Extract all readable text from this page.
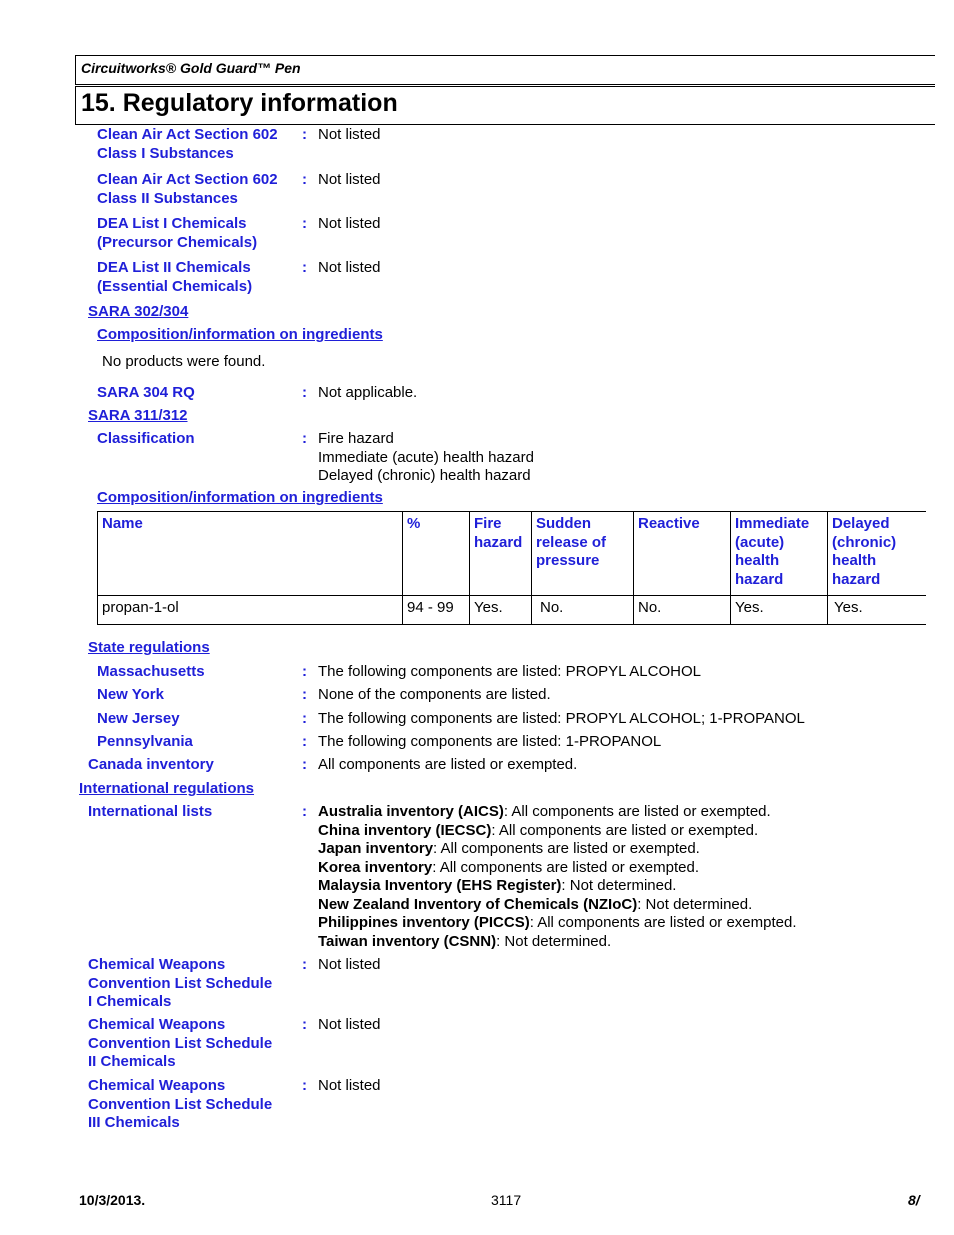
Circuitworks® Gold Guard™ Pen
15. Regulatory information
Clean Air Act Section 602
Class I Substances
: Not listed
Clean Air Act Section 602
Class II Substances
: Not listed
DEA List I Chemicals
(Precursor Chemicals)
: Not listed
DEA List II Chemicals
(Essential Chemicals)
: Not listed
SARA 302/304
Composition/information on ingredients
No products were found.
SARA 304 RQ	: Not applicable.
SARA 311/312
Classification	: Fire hazard
Immediate (acute) health hazard
Delayed (chronic) health hazard
Composition/information on ingredients
Name	%	Fire hazard	Sudden release of pressure	Reactive	Immediate (acute) health hazard	Delayed (chronic) health hazard
propan-1-ol	94 - 99	Yes.	No.	No.	Yes.	Yes.
State regulations
Massachusetts	: The following components are listed: PROPYL ALCOHOL
New York	: None of the components are listed.
New Jersey	: The following components are listed: PROPYL ALCOHOL; 1-PROPANOL
Pennsylvania	: The following components are listed: 1-PROPANOL
Canada inventory	: All components are listed or exempted.
International regulations
International lists	: Australia inventory (AICS): All components are listed or exempted.
China inventory (IECSC): All components are listed or exempted.
Japan inventory: All components are listed or exempted.
Korea inventory: All components are listed or exempted.
Malaysia Inventory (EHS Register): Not determined.
New Zealand Inventory of Chemicals (NZIoC): Not determined.
Philippines inventory (PICCS): All components are listed or exempted.
Taiwan inventory (CSNN): Not determined.
Chemical Weapons
Convention List Schedule
I Chemicals
: Not listed
Chemical Weapons
Convention List Schedule
II Chemicals
: Not listed
Chemical Weapons
Convention List Schedule
III Chemicals
: Not listed
10/3/2013.	3117	8/
